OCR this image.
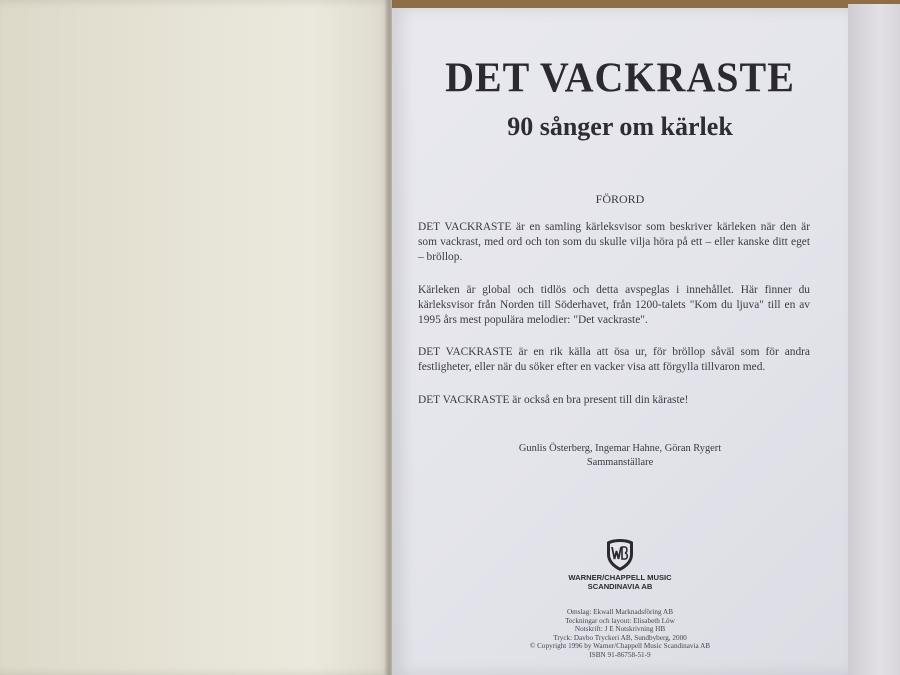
DET VACKRASTE
90 sånger om kärlek
FÖRORD

DET VACKRASTE är en samling kärleksvisor som beskriver kärleken när den är som vackrast, med ord och ton som du skulle vilja höra på ett – eller kanske ditt eget – bröllop.

Kärleken är global och tidlös och detta avspeglas i innehållet. Här finner du kärleksvisor från Norden till Söderhavet, från 1200-talets "Kom du ljuva" till en av 1995 års mest populära melodier: "Det vackraste".

DET VACKRASTE är en rik källa att ösa ur, för bröllop såväl som för andra festligheter, eller när du söker efter en vacker visa att förgylla tillvaron med.

DET VACKRASTE är också en bra present till din käraste!

Gunlis Österberg, Ingemar Hahne, Göran Rygert
Sammanställare
WARNER/CHAPPELL MUSIC
SCANDINAVIA AB
Omslag: Ekwall Marknadsföring AB
Teckningar och layout: Elisabeth Löw
Notskrift: J E Notskrivning HB
Tryck: Davbo Tryckeri AB, Sundbyberg, 2000
© Copyright 1996 by Warner/Chappell Music Scandinavia AB
ISBN 91-86758-51-9
